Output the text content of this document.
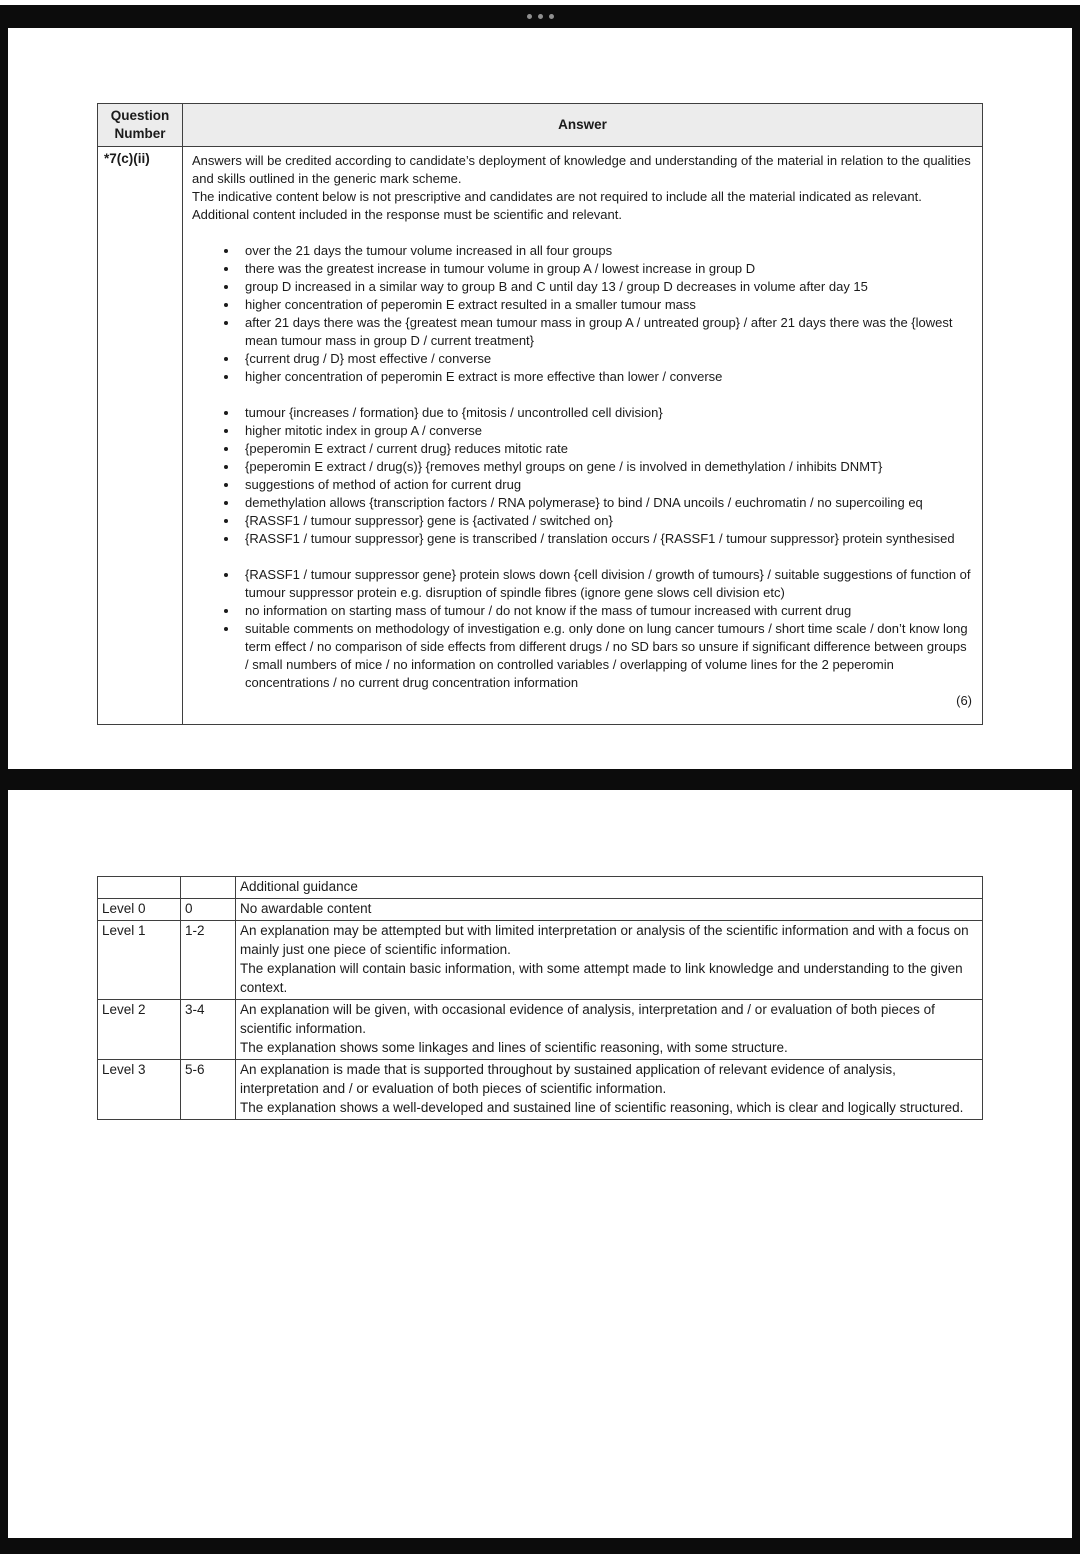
Question Number	Answer
*7(c)(ii)	Answers will be credited according to candidate’s deployment of knowledge and understanding of the material in relation to the qualities and skills outlined in the generic mark scheme.
The indicative content below is not prescriptive and candidates are not required to include all the material indicated as relevant.
Additional content included in the response must be scientific and relevant.
• over the 21 days the tumour volume increased in all four groups
• there was the greatest increase in tumour volume in group A / lowest increase in group D
• group D increased in a similar way to group B and C until day 13 / group D decreases in volume after day 15
• higher concentration of peperomin E extract resulted in a smaller tumour mass
• after 21 days there was the {greatest mean tumour mass in group A / untreated group} / after 21 days there was the {lowest mean tumour mass in group D / current treatment}
• {current drug / D} most effective / converse
• higher concentration of peperomin E extract is more effective than lower / converse
• tumour {increases / formation} due to {mitosis / uncontrolled cell division}
• higher mitotic index in group A / converse
• {peperomin E extract / current drug} reduces mitotic rate
• {peperomin E extract / drug(s)} {removes methyl groups on gene / is involved in demethylation / inhibits DNMT}
• suggestions of method of action for current drug
• demethylation allows {transcription factors / RNA polymerase} to bind / DNA uncoils / euchromatin / no supercoiling eq
• {RASSF1 / tumour suppressor} gene is {activated / switched on}
• {RASSF1 / tumour suppressor} gene is transcribed / translation occurs / {RASSF1 / tumour suppressor} protein synthesised
• {RASSF1 / tumour suppressor gene} protein slows down {cell division / growth of tumours} / suitable suggestions of function of tumour suppressor protein e.g. disruption of spindle fibres (ignore gene slows cell division etc)
• no information on starting mass of tumour / do not know if the mass of tumour increased with current drug
• suitable comments on methodology of investigation e.g. only done on lung cancer tumours / short time scale / don’t know long term effect / no comparison of side effects from different drugs / no SD bars so unsure if significant difference between groups / small numbers of mice / no information on controlled variables / overlapping of volume lines for the 2 peperomin concentrations / no current drug concentration information
(6)

		Additional guidance

Level 0	0	No awardable content

Level 1	1-2	An explanation may be attempted but with limited interpretation or analysis of the scientific information and with a focus on mainly just one piece of scientific information.
The explanation will contain basic information, with some attempt made to link knowledge and understanding to the given context.

Level 2	3-4	An explanation will be given, with occasional evidence of analysis, interpretation and / or evaluation of both pieces of scientific information.
The explanation shows some linkages and lines of scientific reasoning, with some structure.

Level 3	5-6	An explanation is made that is supported throughout by sustained application of relevant evidence of analysis, interpretation and / or evaluation of both pieces of scientific information.
The explanation shows a well-developed and sustained line of scientific reasoning, which is clear and logically structured.
